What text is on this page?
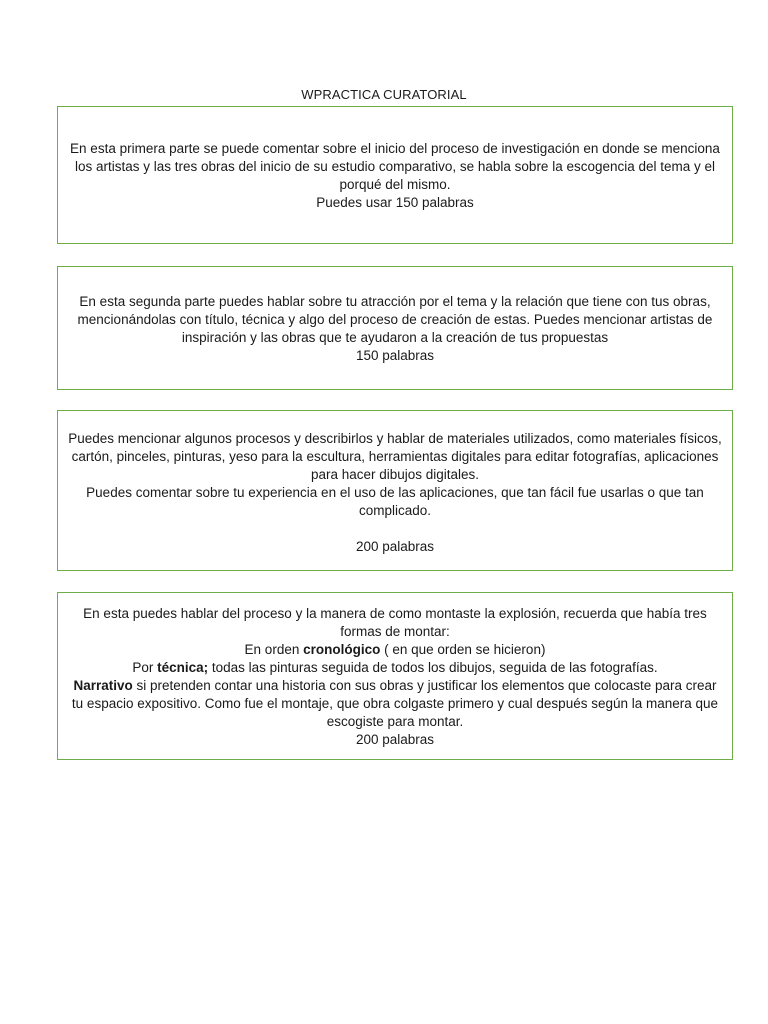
WPRACTICA CURATORIAL

En esta primera parte se puede comentar sobre el inicio del proceso de investigación en donde se menciona los artistas y las tres obras del inicio de su estudio comparativo, se habla sobre la escogencia del tema y el porqué del mismo.

Puedes usar 150 palabras

En esta segunda parte puedes hablar sobre tu atracción por el tema y la relación que tiene con tus obras, mencionándolas con título, técnica y algo del proceso de creación de estas. Puedes mencionar artistas de inspiración y las obras que te ayudaron a la creación de tus propuestas

150 palabras

Puedes mencionar algunos procesos y describirlos y hablar de materiales utilizados, como materiales físicos, cartón, pinceles, pinturas, yeso para la escultura, herramientas digitales para editar fotografías, aplicaciones para hacer dibujos digitales.

Puedes comentar sobre tu experiencia en el uso de las aplicaciones, que tan fácil fue usarlas o que tan complicado.

200 palabras

En esta puedes hablar del proceso y la manera de como montaste la explosión, recuerda que había tres formas de montar:

En orden cronológico ( en que orden se hicieron)

Por técnica; todas las pinturas seguida de todos los dibujos, seguida de las fotografías.

Narrativo si pretenden contar una historia con sus obras y justificar los elementos que colocaste para crear tu espacio expositivo. Como fue el montaje, que obra colgaste primero y cual después según la manera que escogiste para montar.

200 palabras
